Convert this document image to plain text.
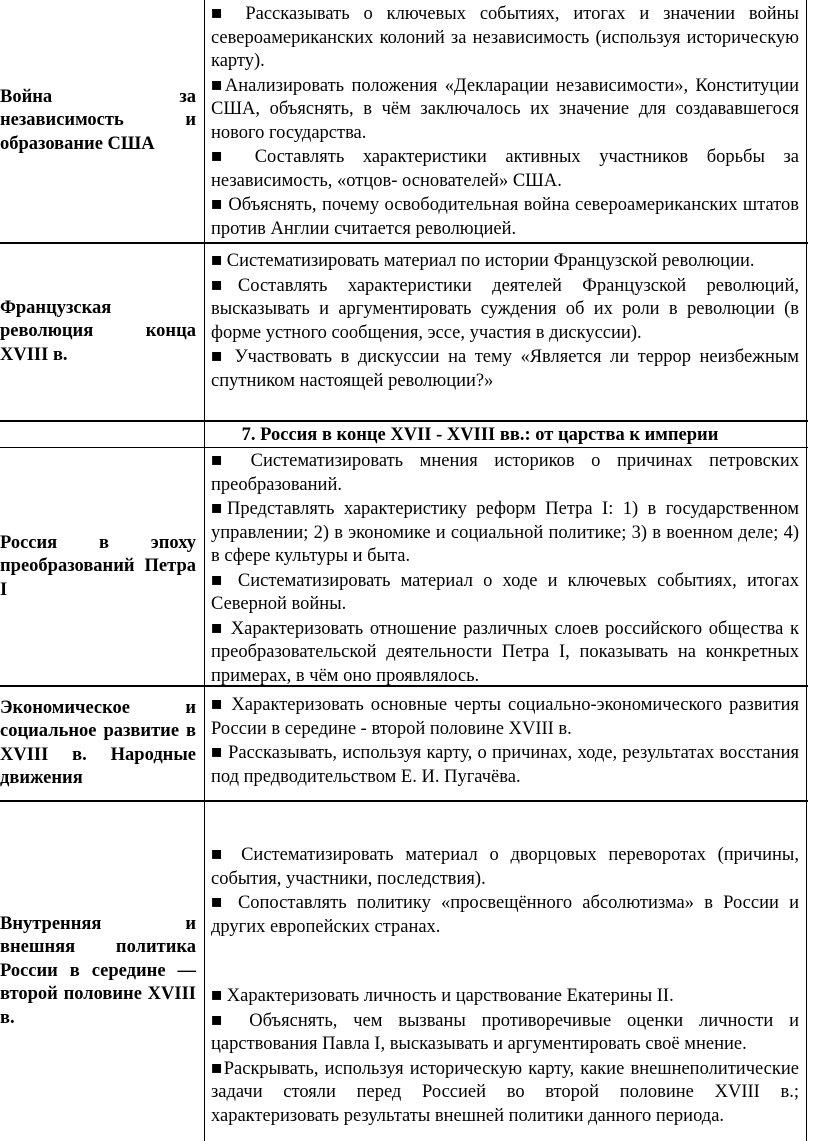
Война за независимость и образование США

■ Рассказывать о ключевых событиях, итогах и значении войны североамериканских колоний за независимость (используя историческую карту).

■Анализировать положения «Декларации независимости», Конституции США, объяснять, в чём заключалось их значение для создававшегося нового государства.

■ Составлять характеристики активных участников борьбы за независимость, «отцов- основателей» США.

■ Объяснять, почему освободительная война североамериканских штатов против Англии считается революцией.

Французская революция конца XVIII в.

■ Систематизировать материал по истории Французской революции.

■Составлять характеристики деятелей Французской революций, высказывать и аргументировать суждения об их роли в революции (в форме устного сообщения, эссе, участия в дискуссии).

■ Участвовать в дискуссии на тему «Является ли террор неизбежным спутником настоящей революции?»

7. Россия в конце XVII - XVIII вв.: от царства к империи
Россия в эпоху преобразований Петра I

■ Систематизировать мнения историков о причинах петровских преобразований.

■Представлять характеристику реформ Петра I: 1) в государственном управлении; 2) в экономике и социальной политике; 3) в военном деле; 4) в сфере культуры и быта.

■ Систематизировать материал о ходе и ключевых событиях, итогах Северной войны.

■ Характеризовать отношение различных слоев российского общества к преобразовательской деятельности Петра I, показывать на конкретных примерах, в чём оно проявлялось.

Экономическое и социальное развитие в XVIII в. Народные движения

■ Характеризовать основные черты социально-экономического развития России в середине - второй половине XVIII в.

■ Рассказывать, используя карту, о причинах, ходе, результатах восстания под предводительством Е. И. Пугачёва.

Внутренняя и внешняя политика России в середине — второй половине XVIII в.

■ Систематизировать материал о дворцовых переворотах (причины, события, участники, последствия).

■ Сопоставлять политику «просвещённого абсолютизма» в России и других европейских странах.

■ Характеризовать личность и царствование Екатерины II.

■ Объяснять, чем вызваны противоречивые оценки личности и царствования Павла I, высказывать и аргументировать своё мнение.

■Раскрывать, используя историческую карту, какие внешнеполитические задачи стояли перед Россией во второй половине XVIII в.; характеризовать результаты внешней политики данного периода.
